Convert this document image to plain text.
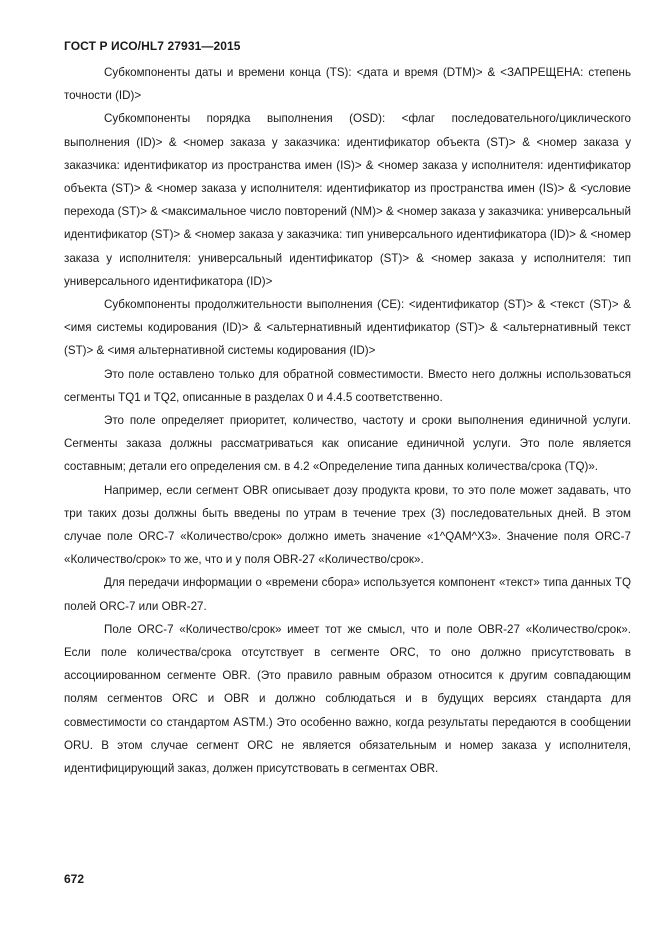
ГОСТ Р ИСО/HL7 27931—2015

Субкомпоненты даты и времени конца (TS): <дата и время (DTM)> & <ЗАПРЕЩЕНА: степень точности (ID)>

Субкомпоненты порядка выполнения (OSD): <флаг последовательного/циклического выполнения (ID)> & <номер заказа у заказчика: идентификатор объекта (ST)> & <номер заказа у заказчика: идентификатор из пространства имен (IS)> & <номер заказа у исполнителя: идентификатор объекта (ST)> & <номер заказа у исполнителя: идентификатор из пространства имен (IS)> & <условие перехода (ST)> & <максимальное число повторений (NM)> & <номер заказа у заказчика: универсальный идентификатор (ST)> & <номер заказа у заказчика: тип универсального идентификатора (ID)> & <номер заказа у исполнителя: универсальный идентификатор (ST)> & <номер заказа у исполнителя: тип универсального идентификатора (ID)>

Субкомпоненты продолжительности выполнения (CE): <идентификатор (ST)> & <текст (ST)> & <имя системы кодирования (ID)> & <альтернативный идентификатор (ST)> & <альтернативный текст (ST)> & <имя альтернативной системы кодирования (ID)>

Это поле оставлено только для обратной совместимости. Вместо него должны использоваться сегменты TQ1 и TQ2, описанные в разделах 0 и 4.4.5 соответственно.

Это поле определяет приоритет, количество, частоту и сроки выполнения единичной услуги. Сегменты заказа должны рассматриваться как описание единичной услуги. Это поле является составным; детали его определения см. в 4.2 «Определение типа данных количества/срока (TQ)».

Например, если сегмент OBR описывает дозу продукта крови, то это поле может задавать, что три таких дозы должны быть введены по утрам в течение трех (3) последовательных дней. В этом случае поле ORC-7 «Количество/срок» должно иметь значение «1^QAM^X3». Значение поля ORC-7 «Количество/срок» то же, что и у поля OBR-27 «Количество/срок».

Для передачи информации о «времени сбора» используется компонент «текст» типа данных TQ полей ORC-7 или OBR-27.

Поле ORC-7 «Количество/срок» имеет тот же смысл, что и поле OBR-27 «Количество/срок». Если поле количества/срока отсутствует в сегменте ORC, то оно должно присутствовать в ассоциированном сегменте OBR. (Это правило равным образом относится к другим совпадающим полям сегментов ORC и OBR и должно соблюдаться и в будущих версиях стандарта для совместимости со стандартом ASTM.) Это особенно важно, когда результаты передаются в сообщении ORU. В этом случае сегмент ORC не является обязательным и номер заказа у исполнителя, идентифицирующий заказ, должен присутствовать в сегментах OBR.

672
